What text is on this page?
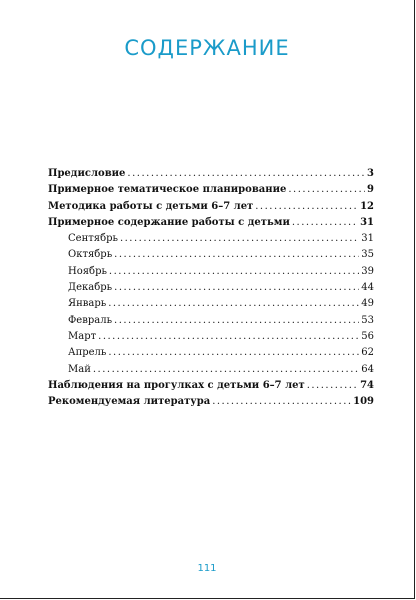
СОДЕРЖАНИЕ
Предисловие .....	3
Примерное тематическое планирование .....	9
Методика работы с детьми 6–7 лет .....	12
Примерное содержание работы с детьми .....	31
Сентябрь .....	31
Октябрь .....	35
Ноябрь .....	39
Декабрь .....	44
Январь .....	49
Февраль .....	53
Март .....	56
Апрель .....	62
Май .....	64
Наблюдения на прогулках с детьми 6–7 лет .....	74
Рекомендуемая литература .....	109
111
